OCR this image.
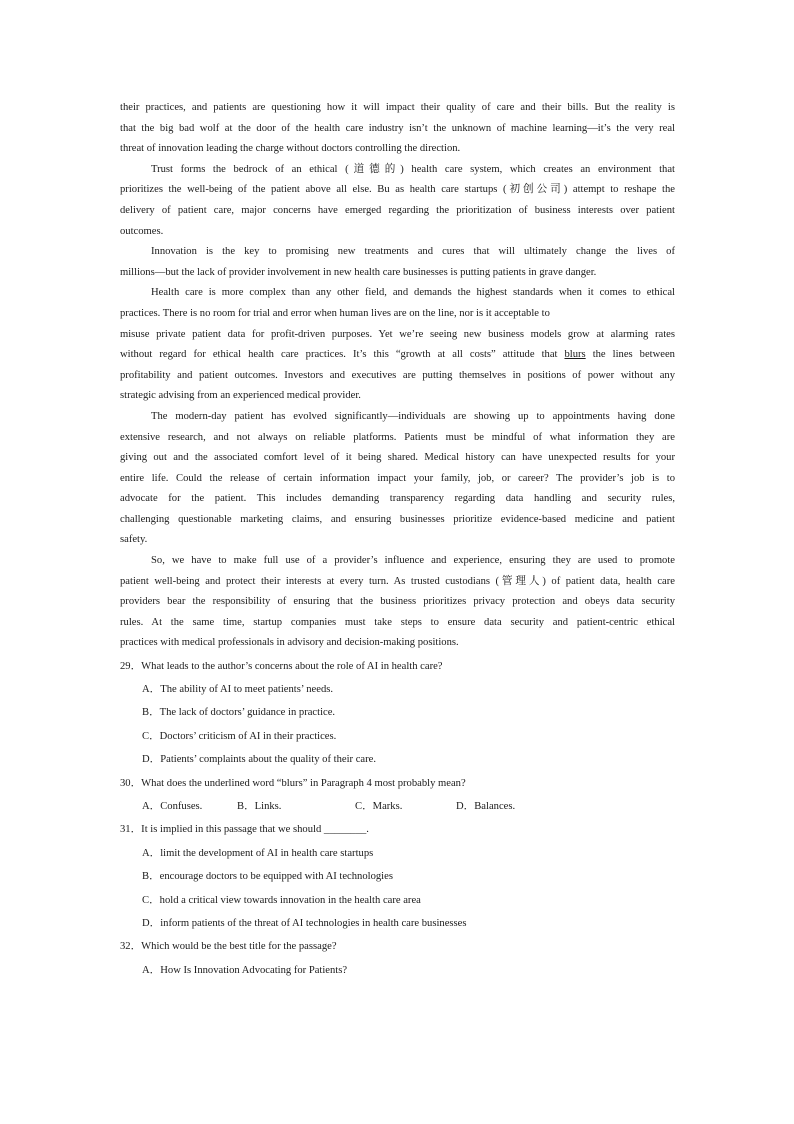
their practices, and patients are questioning how it will impact their quality of care and their bills. But the reality is
that the big bad wolf at the door of the health care industry isn’t the unknown of machine learning—it’s the very real
threat of innovation leading the charge without doctors controlling the direction.

Trust forms the bedrock of an ethical (道德的) health care system, which creates an environment that
prioritizes the well-being of the patient above all else. Bu as health care startups (初创公司) attempt to reshape the
delivery of patient care, major concerns have emerged regarding the prioritization of business interests over patient
outcomes.

Innovation is the key to promising new treatments and cures that will ultimately change the lives of
millions—but the lack of provider involvement in new health care businesses is putting patients in grave danger.

Health care is more complex than any other field, and demands the highest standards when it comes to ethical
practices. There is no room for trial and error when human lives are on the line, nor is it acceptable to
misuse private patient data for profit-driven purposes. Yet we’re seeing new business models grow at alarming rates
without regard for ethical health care practices. It’s this “growth at all costs” attitude that blurs the lines between
profitability and patient outcomes. Investors and executives are putting themselves in positions of power without any
strategic advising from an experienced medical provider.

The modern-day patient has evolved significantly—individuals are showing up to appointments having done
extensive research, and not always on reliable platforms. Patients must be mindful of what information they are
giving out and the associated comfort level of it being shared. Medical history can have unexpected results for your
entire life. Could the release of certain information impact your family, job, or career? The provider’s job is to
advocate for the patient. This includes demanding transparency regarding data handling and security rules,
challenging questionable marketing claims, and ensuring businesses prioritize evidence-based medicine and patient
safety.

So, we have to make full use of a provider’s influence and experience, ensuring they are used to promote
patient well-being and protect their interests at every turn. As trusted custodians (管理人) of patient data, health care
providers bear the responsibility of ensuring that the business prioritizes privacy protection and obeys data security
rules. At the same time, startup companies must take steps to ensure data security and patient-centric ethical
practices with medical professionals in advisory and decision-making positions.

29．What leads to the author’s concerns about the role of AI in health care?
A．The ability of AI to meet patients’ needs.
B．The lack of doctors’ guidance in practice.
C．Doctors’ criticism of AI in their practices.
D．Patients’ complaints about the quality of their care.
30．What does the underlined word “blurs” in Paragraph 4 most probably mean?
A．Confuses.	B．Links.	C．Marks.	D．Balances.
31．It is implied in this passage that we should ________.
A．limit the development of AI in health care startups
B．encourage doctors to be equipped with AI technologies
C．hold a critical view towards innovation in the health care area
D．inform patients of the threat of AI technologies in health care businesses
32．Which would be the best title for the passage?
A．How Is Innovation Advocating for Patients?
